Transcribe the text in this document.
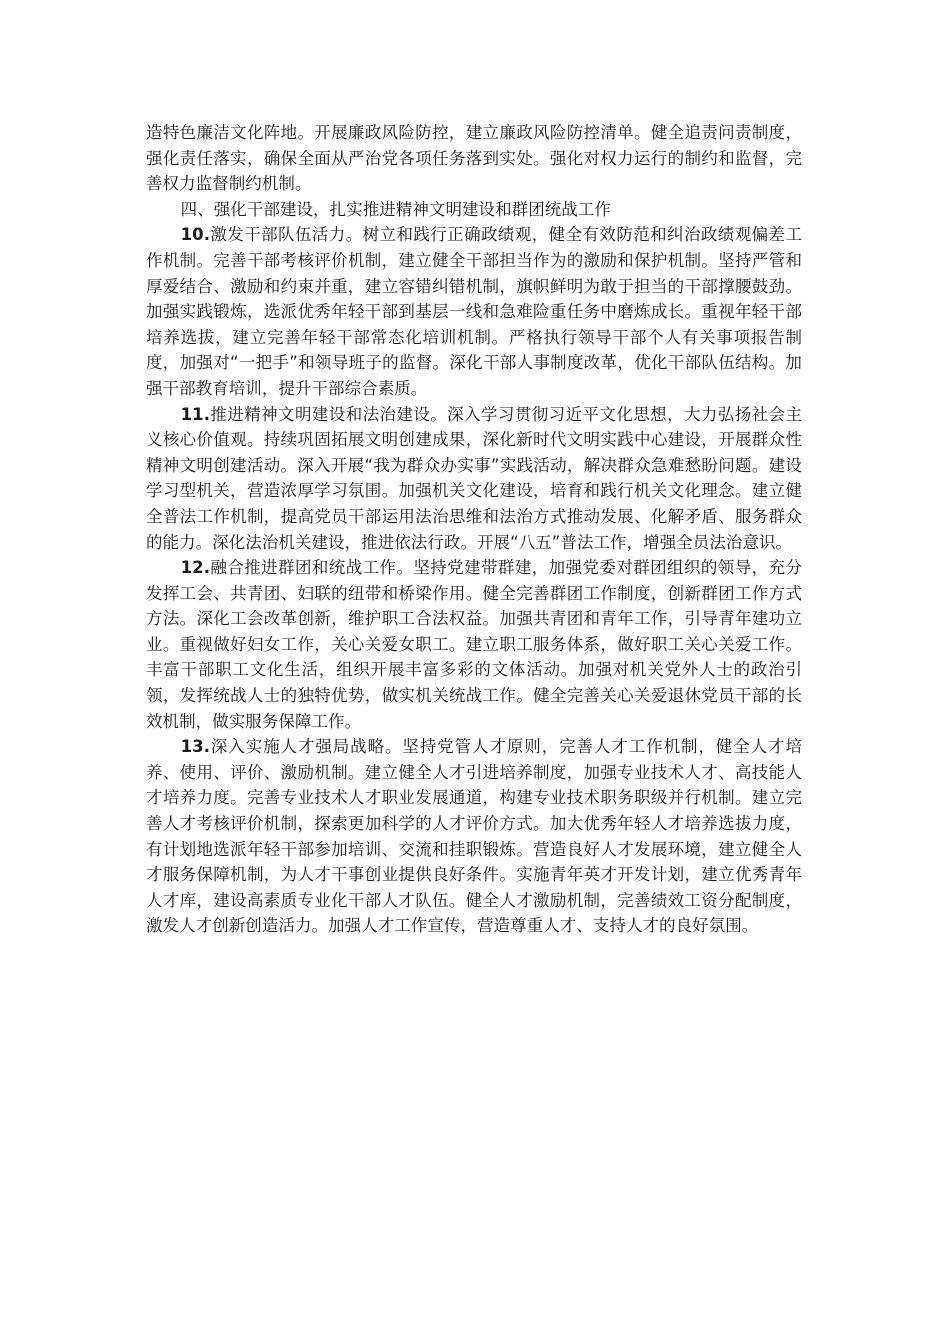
造特色廉洁文化阵地。开展廉政风险防控，建立廉政风险防控清单。健全追责问责制度，强化责任落实，确保全面从严治党各项任务落到实处。强化对权力运行的制约和监督，完善权力监督制约机制。

四、强化干部建设，扎实推进精神文明建设和群团统战工作

10.激发干部队伍活力。树立和践行正确政绩观，健全有效防范和纠治政绩观偏差工作机制。完善干部考核评价机制，建立健全干部担当作为的激励和保护机制。坚持严管和厚爱结合、激励和约束并重，建立容错纠错机制，旗帜鲜明为敢于担当的干部撑腰鼓劲。加强实践锻炼，选派优秀年轻干部到基层一线和急难险重任务中磨炼成长。重视年轻干部培养选拔，建立完善年轻干部常态化培训机制。严格执行领导干部个人有关事项报告制度，加强对“一把手”和领导班子的监督。深化干部人事制度改革，优化干部队伍结构。加强干部教育培训，提升干部综合素质。

11.推进精神文明建设和法治建设。深入学习贯彻习近平文化思想，大力弘扬社会主义核心价值观。持续巩固拓展文明创建成果，深化新时代文明实践中心建设，开展群众性精神文明创建活动。深入开展“我为群众办实事”实践活动，解决群众急难愁盼问题。建设学习型机关，营造浓厚学习氛围。加强机关文化建设，培育和践行机关文化理念。建立健全普法工作机制，提高党员干部运用法治思维和法治方式推动发展、化解矛盾、服务群众的能力。深化法治机关建设，推进依法行政。开展“八五”普法工作，增强全员法治意识。

12.融合推进群团和统战工作。坚持党建带群建，加强党委对群团组织的领导，充分发挥工会、共青团、妇联的纽带和桥梁作用。健全完善群团工作制度，创新群团工作方式方法。深化工会改革创新，维护职工合法权益。加强共青团和青年工作，引导青年建功立业。重视做好妇女工作，关心关爱女职工。建立职工服务体系，做好职工关心关爱工作。丰富干部职工文化生活，组织开展丰富多彩的文体活动。加强对机关党外人士的政治引领，发挥统战人士的独特优势，做实机关统战工作。健全完善关心关爱退休党员干部的长效机制，做实服务保障工作。

13.深入实施人才强局战略。坚持党管人才原则，完善人才工作机制，健全人才培养、使用、评价、激励机制。建立健全人才引进培养制度，加强专业技术人才、高技能人才培养力度。完善专业技术人才职业发展通道，构建专业技术职务职级并行机制。建立完善人才考核评价机制，探索更加科学的人才评价方式。加大优秀年轻人才培养选拔力度，有计划地选派年轻干部参加培训、交流和挂职锻炼。营造良好人才发展环境，建立健全人才服务保障机制，为人才干事创业提供良好条件。实施青年英才开发计划，建立优秀青年人才库，建设高素质专业化干部人才队伍。健全人才激励机制，完善绩效工资分配制度，激发人才创新创造活力。加强人才工作宣传，营造尊重人才、支持人才的良好氛围。
